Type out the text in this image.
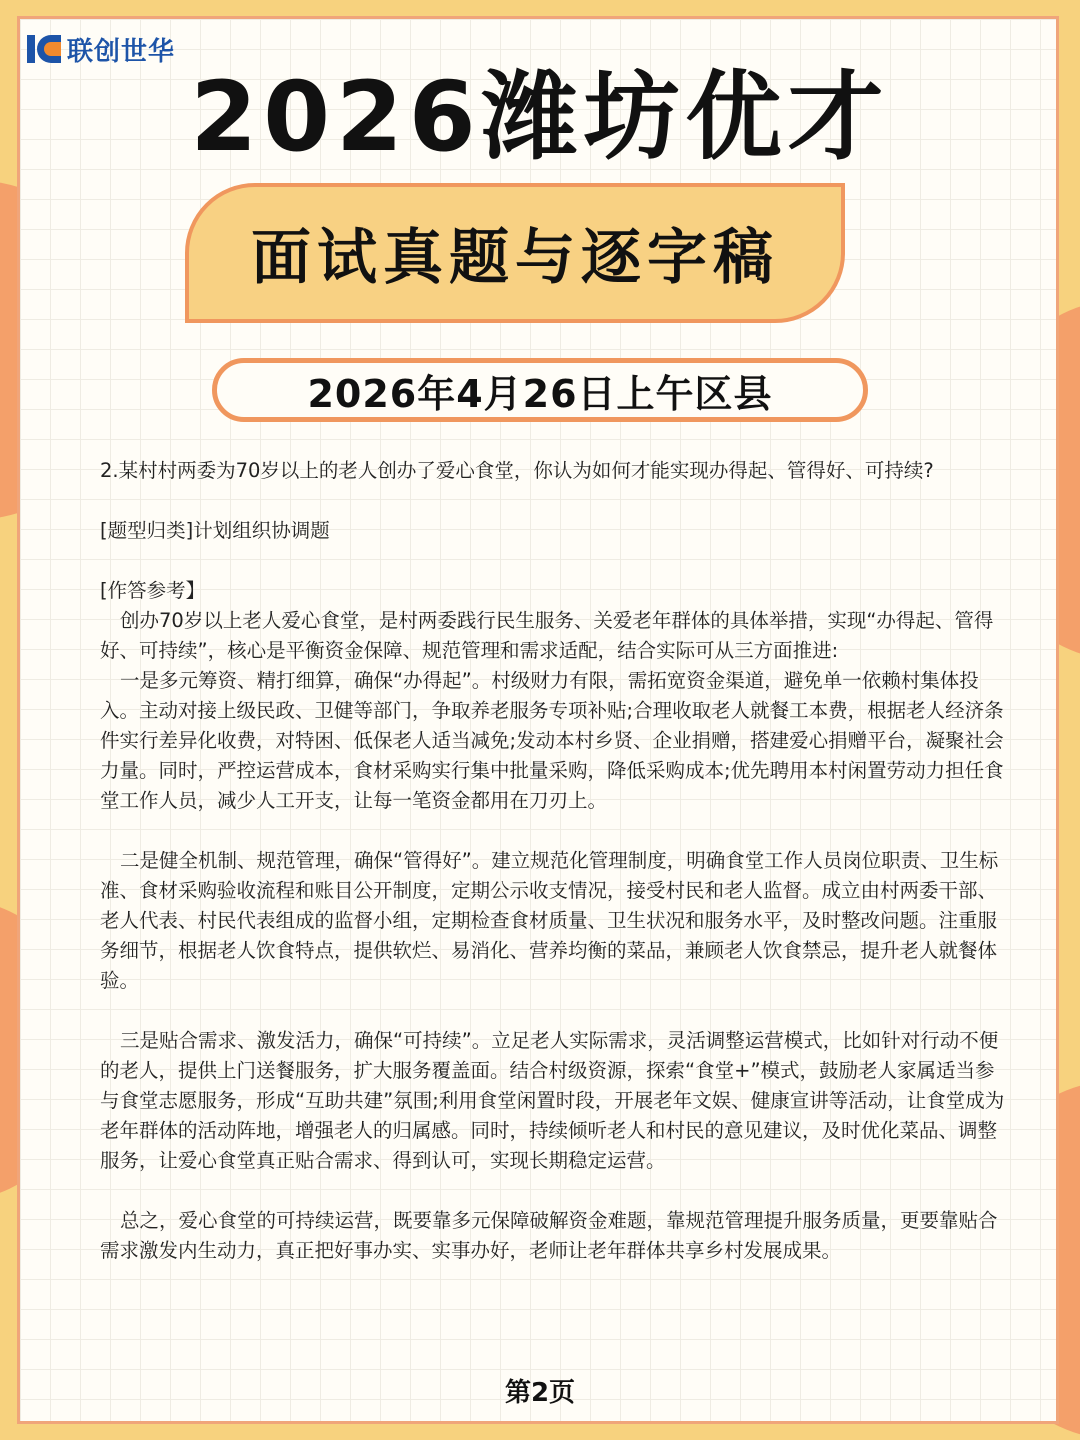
联创世华
2026潍坊优才
面试真题与逐字稿
2026年4月26日上午区县

2.某村村两委为70岁以上的老人创办了爱心食堂，你认为如何才能实现办得起、管得好、可持续?

[题型归类]计划组织协调题

[作答参考】

创办70岁以上老人爱心食堂，是村两委践行民生服务、关爱老年群体的具体举措，实现“办得起、管得好、可持续”，核心是平衡资金保障、规范管理和需求适配，结合实际可从三方面推进:

一是多元筹资、精打细算，确保“办得起”。村级财力有限，需拓宽资金渠道，避免单一依赖村集体投入。主动对接上级民政、卫健等部门，争取养老服务专项补贴;合理收取老人就餐工本费，根据老人经济条件实行差异化收费，对特困、低保老人适当减免;发动本村乡贤、企业捐赠，搭建爱心捐赠平台，凝聚社会力量。同时，严控运营成本，食材采购实行集中批量采购，降低采购成本;优先聘用本村闲置劳动力担任食堂工作人员，减少人工开支，让每一笔资金都用在刀刃上。

二是健全机制、规范管理，确保“管得好”。建立规范化管理制度，明确食堂工作人员岗位职责、卫生标准、食材采购验收流程和账目公开制度，定期公示收支情况，接受村民和老人监督。成立由村两委干部、老人代表、村民代表组成的监督小组，定期检查食材质量、卫生状况和服务水平，及时整改问题。注重服务细节，根据老人饮食特点，提供软烂、易消化、营养均衡的菜品，兼顾老人饮食禁忌，提升老人就餐体验。

三是贴合需求、激发活力，确保“可持续”。立足老人实际需求，灵活调整运营模式，比如针对行动不便的老人，提供上门送餐服务，扩大服务覆盖面。结合村级资源，探索“食堂+”模式，鼓励老人家属适当参与食堂志愿服务，形成“互助共建”氛围;利用食堂闲置时段，开展老年文娱、健康宣讲等活动，让食堂成为老年群体的活动阵地，增强老人的归属感。同时，持续倾听老人和村民的意见建议，及时优化菜品、调整服务，让爱心食堂真正贴合需求、得到认可，实现长期稳定运营。

总之，爱心食堂的可持续运营，既要靠多元保障破解资金难题，靠规范管理提升服务质量，更要靠贴合需求激发内生动力，真正把好事办实、实事办好，老师让老年群体共享乡村发展成果。

第2页
